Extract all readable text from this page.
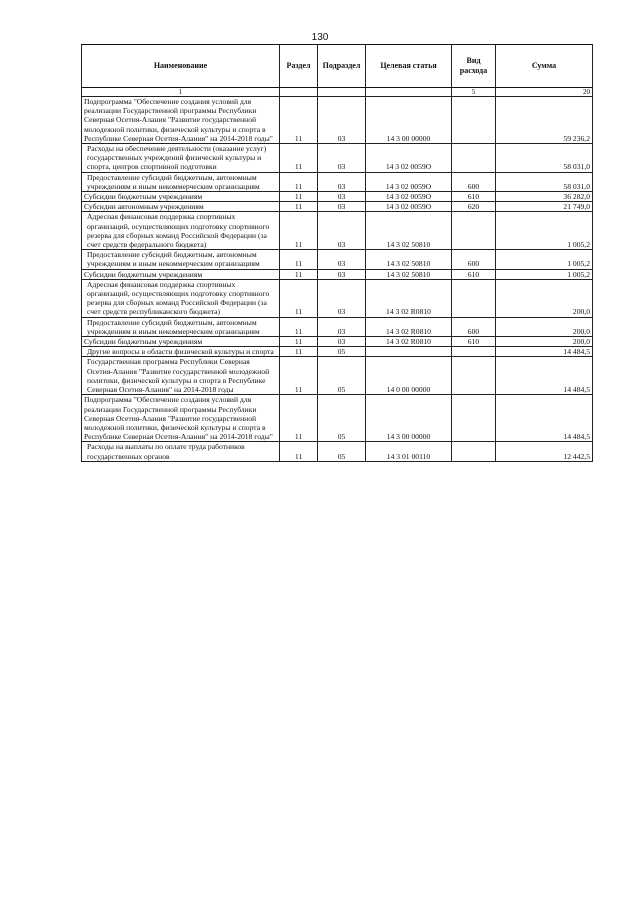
130
Наименование	Раздел	Подраздел	Целевая статья	Вид расхода	Сумма
1				5	20
Подпрограмма "Обеспечение создания условий для реализации Государственной программы Республики Северная Осетия-Алания "Развитие государственной молодежной политики, физической культуры и спорта в Республике Северная Осетия-Алания" на 2014-2018 годы"	11	03	14 3 00 00000		59 236,2
Расходы на обеспечение деятельности (оказание услуг) государственных учреждений физической культуры и спорта, центров спортивной подготовки	11	03	14 3 02 0059О		58 031,0
Предоставление субсидий бюджетным, автономным учреждениям и иным некоммерческим организациям	11	03	14 3 02 0059О	600	58 031,0
Субсидии бюджетным учреждениям	11	03	14 3 02 0059О	610	36 282,0
Субсидии автономным учреждениям	11	03	14 3 02 0059О	620	21 749,0
Адресная финансовая поддержка спортивных организаций, осуществляющих подготовку спортивного резерва для сборных команд Российской Федерации (за счет средств федерального бюджета)	11	03	14 3 02 50810		1 005,2
Предоставление субсидий бюджетным, автономным учреждениям и иным некоммерческим организациям	11	03	14 3 02 50810	600	1 005,2
Субсидии бюджетным учреждениям	11	03	14 3 02 50810	610	1 005,2
Адресная финансовая поддержка спортивных организаций, осуществляющих подготовку спортивного резерва для сборных команд Российской Федерации (за счет средств республиканского бюджета)	11	03	14 3 02 R0810		200,0
Предоставление субсидий бюджетным, автономным учреждениям и иным некоммерческим организациям	11	03	14 3 02 R0810	600	200,0
Субсидии бюджетным учреждениям	11	03	14 3 02 R0810	610	200,0
Другие вопросы в области физической культуры и спорта	11	05			14 484,5
Государственная программа Республики Северная Осетия-Алания "Развитие государственной молодежной политики, физической культуры и спорта в Республике Северная Осетия-Алания" на 2014-2018 годы	11	05	14 0 00 00000		14 484,5
Подпрограмма "Обеспечение создания условий для реализации Государственной программы Республики Северная Осетия-Алания "Развитие государственной молодежной политики, физической культуры и спорта в Республике Северная Осетия-Алания" на 2014-2018 годы"	11	05	14 3 00 00000		14 484,5
Расходы на выплаты по оплате труда работников государственных органов	11	05	14 3 01 00110		12 442,5
